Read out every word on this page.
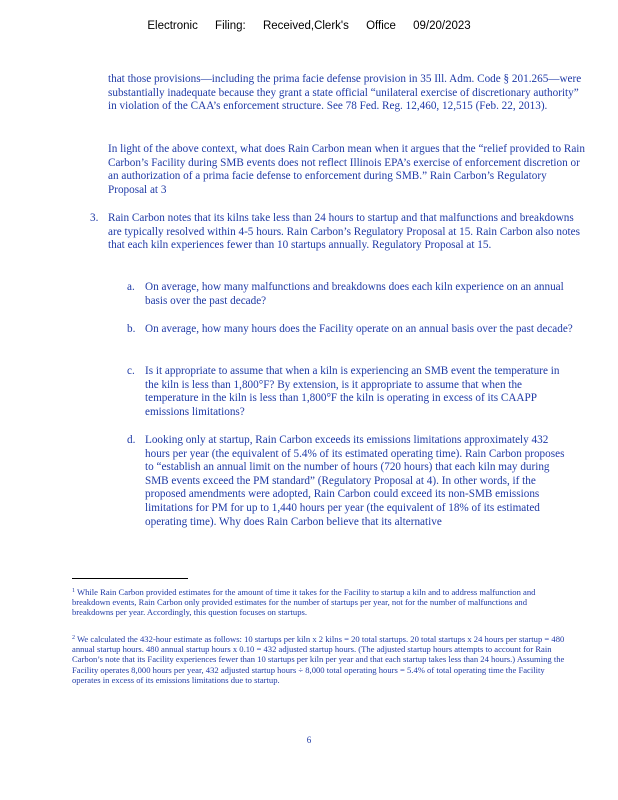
Electronic Filing: Received,Clerk's Office 09/20/2023

that those provisions—including the prima facie defense provision in 35 Ill. Adm. Code § 201.265—were substantially inadequate because they grant a state official “unilateral exercise of discretionary authority” in violation of the CAA’s enforcement structure. See 78 Fed. Reg. 12,460, 12,515 (Feb. 22, 2013).

In light of the above context, what does Rain Carbon mean when it argues that the “relief provided to Rain Carbon’s Facility during SMB events does not reflect Illinois EPA’s exercise of enforcement discretion or an authorization of a prima facie defense to enforcement during SMB.” Rain Carbon’s Regulatory Proposal at 3

3. Rain Carbon notes that its kilns take less than 24 hours to startup and that malfunctions and breakdowns are typically resolved within 4-5 hours. Rain Carbon’s Regulatory Proposal at 15. Rain Carbon also notes that each kiln experiences fewer than 10 startups annually. Regulatory Proposal at 15.

a. On average, how many malfunctions and breakdowns does each kiln experience on an annual basis over the past decade?

b. On average, how many hours does the Facility operate on an annual basis over the past decade?

c. Is it appropriate to assume that when a kiln is experiencing an SMB event the temperature in the kiln is less than 1,800°F? By extension, is it appropriate to assume that when the temperature in the kiln is less than 1,800°F the kiln is operating in excess of its CAAPP emissions limitations?

d. Looking only at startup, Rain Carbon exceeds its emissions limitations approximately 432 hours per year (the equivalent of 5.4% of its estimated operating time). Rain Carbon proposes to “establish an annual limit on the number of hours (720 hours) that each kiln may during SMB events exceed the PM standard” (Regulatory Proposal at 4). In other words, if the proposed amendments were adopted, Rain Carbon could exceed its non-SMB emissions limitations for PM for up to 1,440 hours per year (the equivalent of 18% of its estimated operating time). Why does Rain Carbon believe that its alternative

$^1$ While Rain Carbon provided estimates for the amount of time it takes for the Facility to startup a kiln and to address malfunction and breakdown events, Rain Carbon only provided estimates for the number of startups per year, not for the number of malfunctions and breakdowns per year. Accordingly, this question focuses on startups.

$^2$ We calculated the 432-hour estimate as follows: 10 startups per kiln x 2 kilns = 20 total startups. 20 total startups x 24 hours per startup = 480 annual startup hours. 480 annual startup hours x 0.10 = 432 adjusted startup hours. (The adjusted startup hours attempts to account for Rain Carbon’s note that its Facility experiences fewer than 10 startups per kiln per year and that each startup takes less than 24 hours.) Assuming the Facility operates 8,000 hours per year, 432 adjusted startup hours ÷ 8,000 total operating hours = 5.4% of total operating time the Facility operates in excess of its emissions limitations due to startup.

6
